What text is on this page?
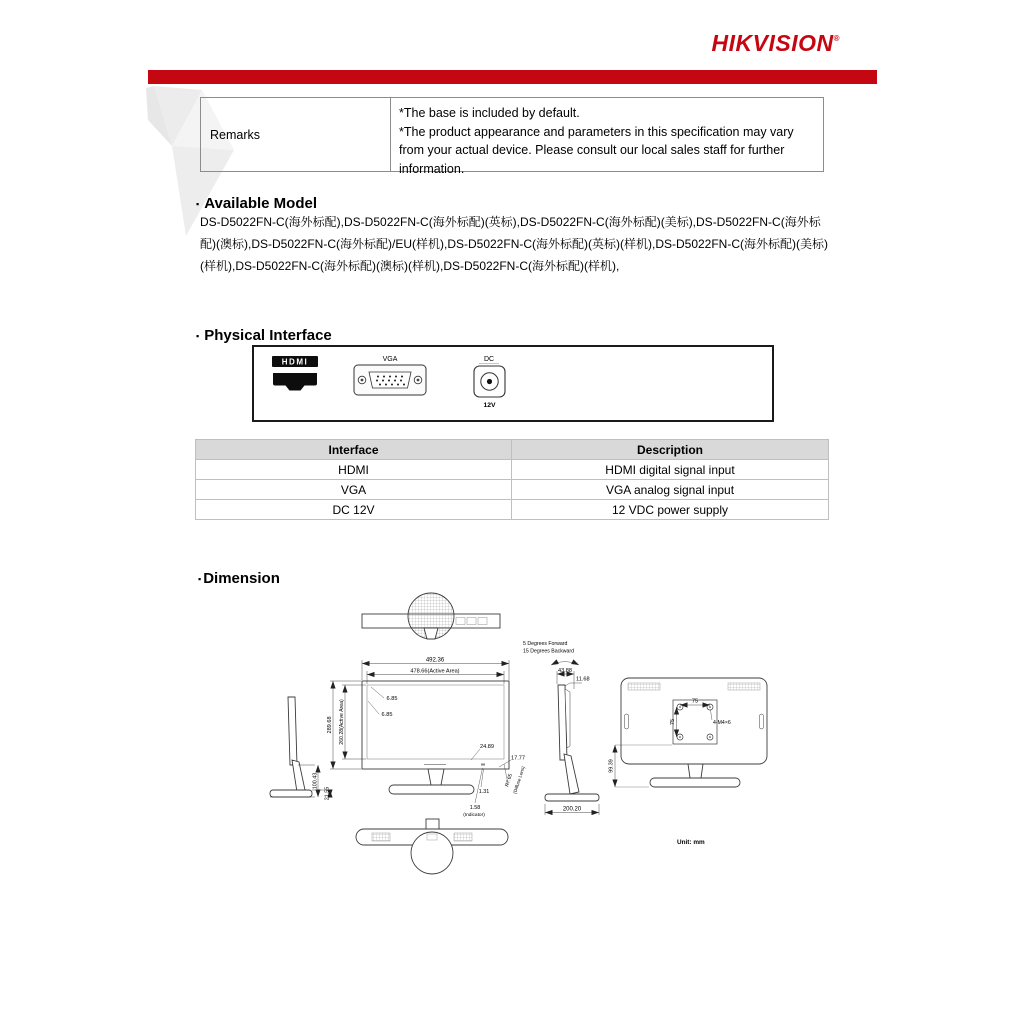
HIKVISION®
Remarks
*The base is included by default.
*The product appearance and parameters in this specification may vary from your actual device. Please consult our local sales staff for further information.
▪ Available Model
DS-D5022FN-C(海外标配),DS-D5022FN-C(海外标配)(英标),DS-D5022FN-C(海外标配)(美标),DS-D5022FN-C(海外标配)(澳标),DS-D5022FN-C(海外标配)/EU(样机),DS-D5022FN-C(海外标配)(英标)(样机),DS-D5022FN-C(海外标配)(美标)(样机),DS-D5022FN-C(海外标配)(澳标)(样机),DS-D5022FN-C(海外标配)(样机),
▪ Physical Interface
HDMI	VGA	DC
12V
Interface	Description
HDMI	HDMI digital signal input
VGA	VGA analog signal input
DC 12V	12 VDC power supply
▪ Dimension
492.36
478.66(Active Area)
289.68 260.28(Active Area)
6.85
6.85
24.89
17.77
100.43
21.55	1.31
1.58
(Indicator)
R7.65
(Diffuse Lens)
5 Degrees Forward
15 Degrees Backward
43.88
11.68
200.20
75
75	4-M4×6
99.39
Unit: mm
